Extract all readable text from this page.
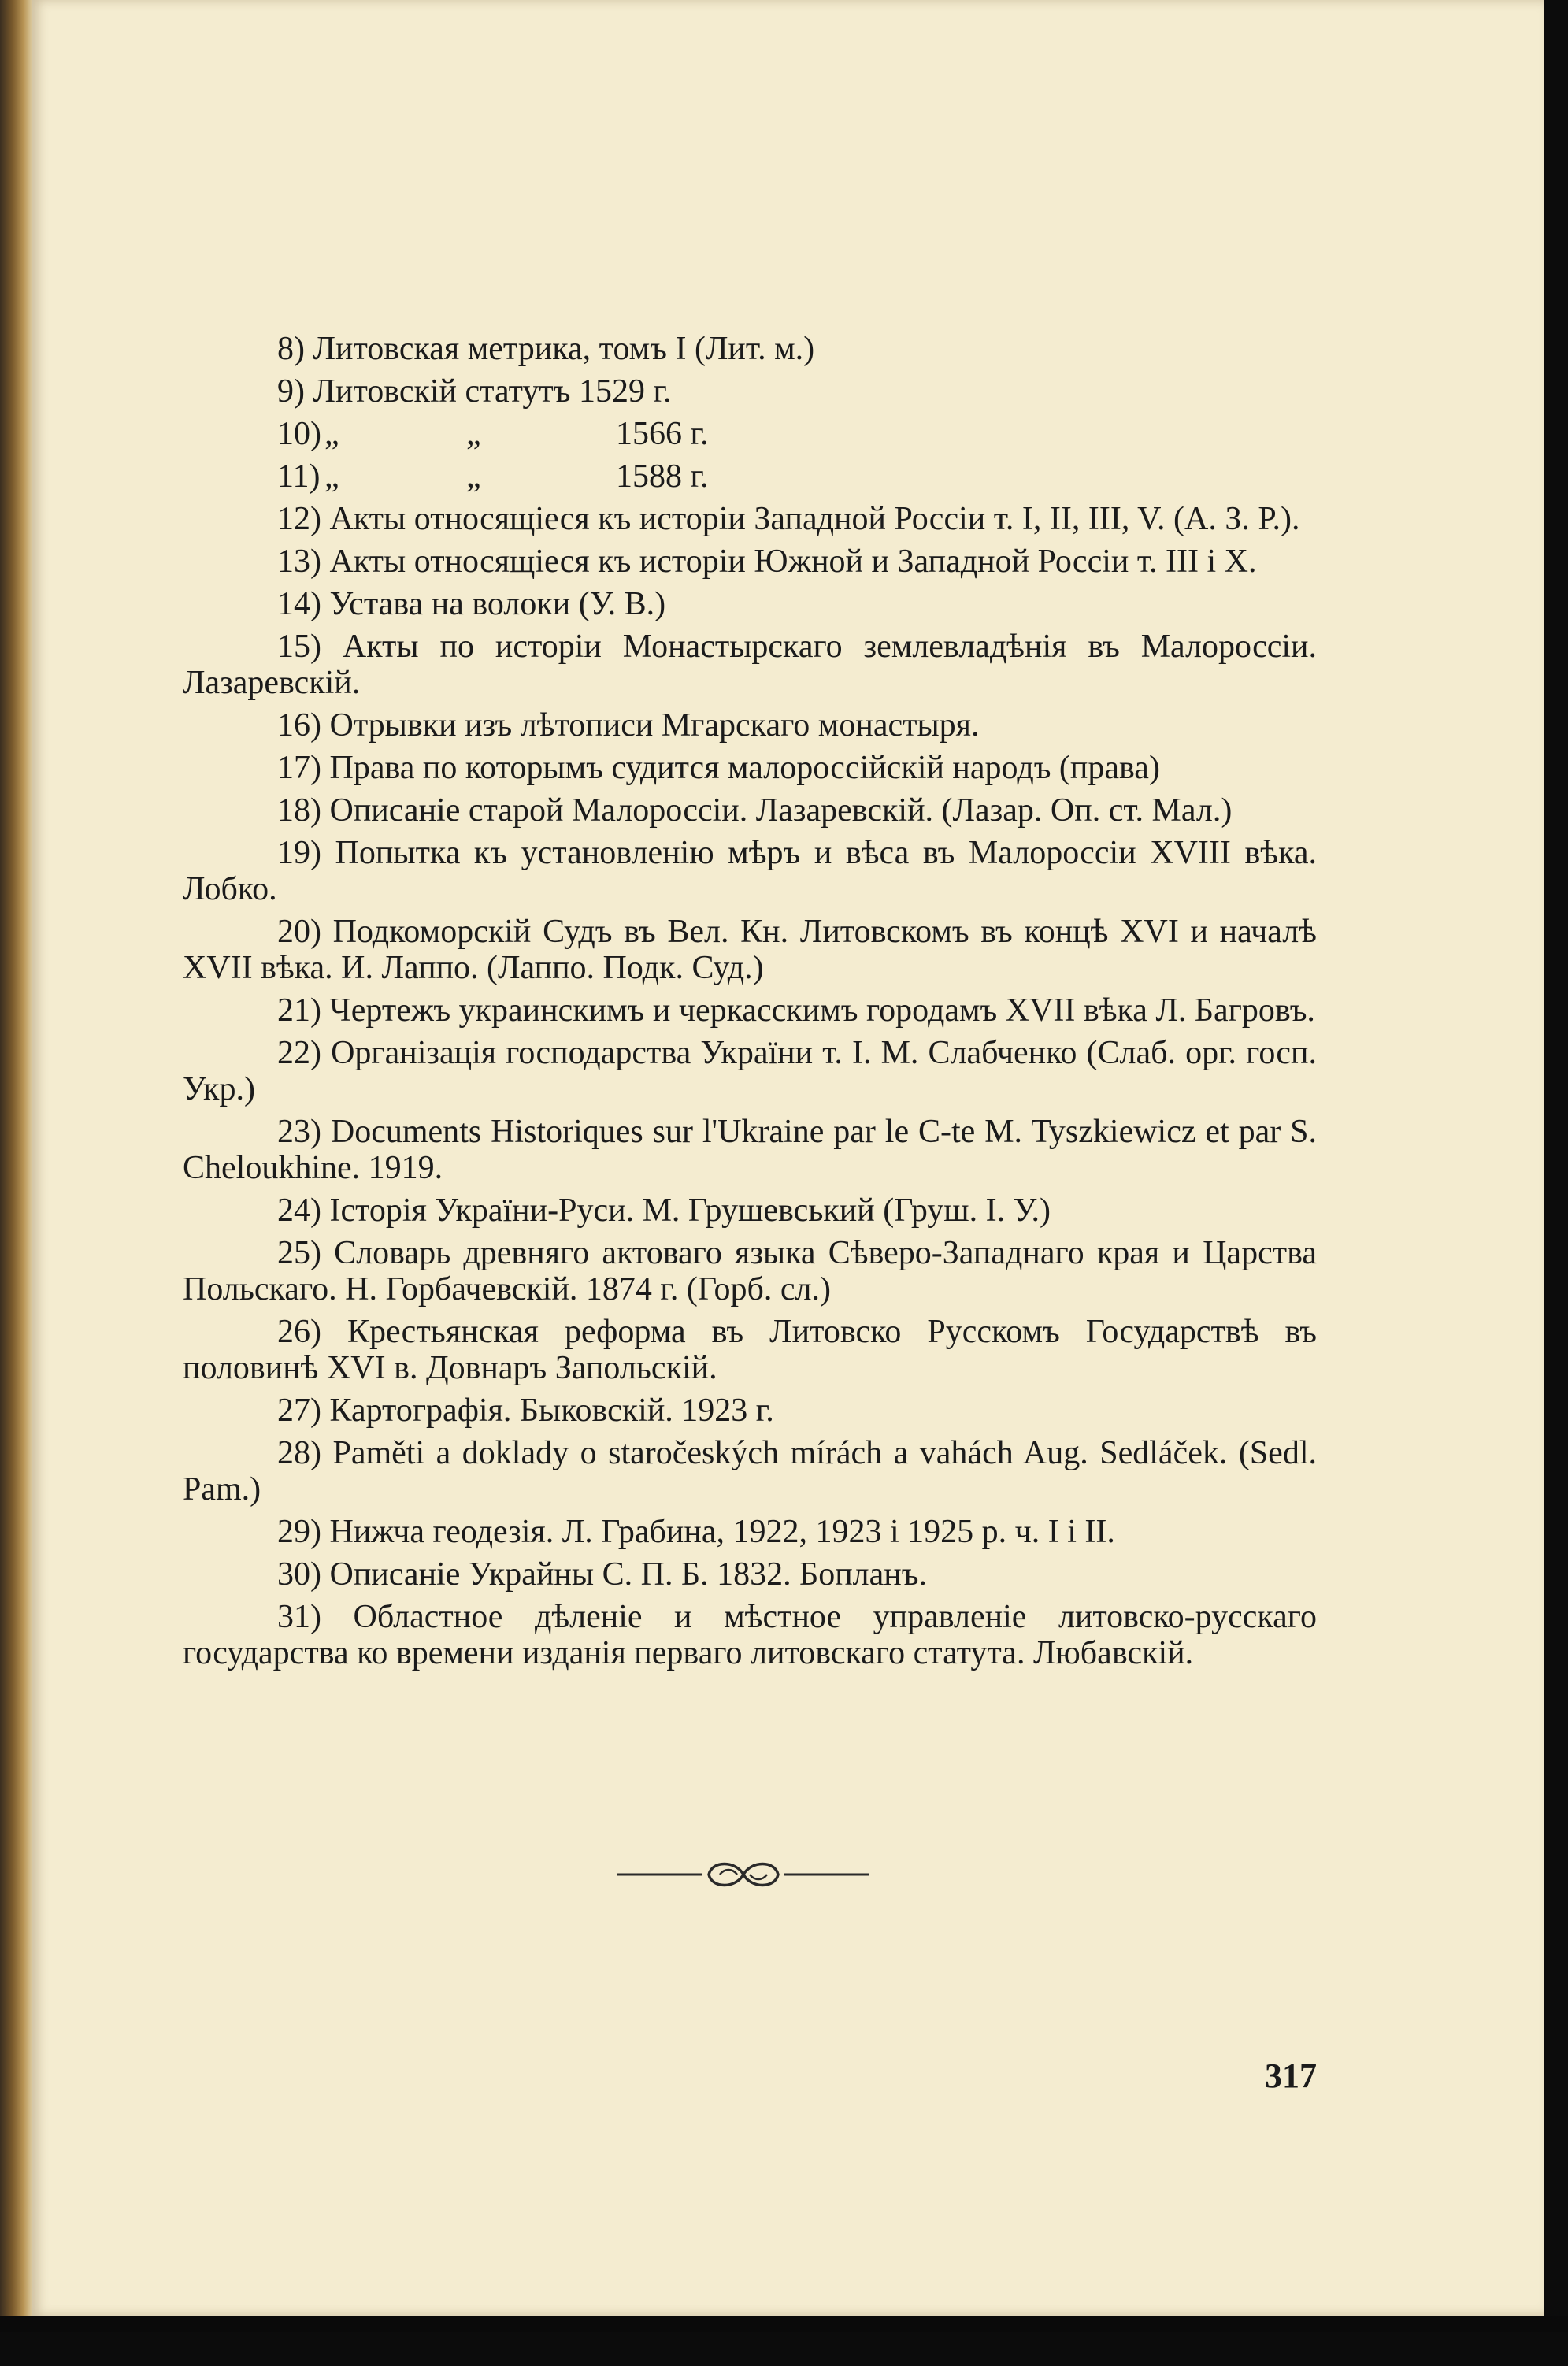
8) Литовская метрика, томъ I (Лит. м.)

9) Литовскій статутъ 1529 г.

10) „	„	1566 г.

11) „	„	1588 г.

12) Акты относящіеся къ исторіи Западной Россіи т. I, II, III, V. (А. З. Р.).

13) Акты относящіеся къ исторіи Южной и Западной Россіи т. III і X.

14) Устава на волоки (У. В.)

15) Акты по исторіи Монастырскаго землевладѣнія въ Малороссіи. Лазаревскій.

16) Отрывки изъ лѣтописи Мгарскаго монастыря.

17) Права по которымъ судится малороссійскій народъ (права)

18) Описаніе старой Малороссіи. Лазаревскій. (Лазар. Оп. ст. Мал.)

19) Попытка къ установленію мѣръ и вѣса въ Малороссіи XVIII вѣка. Лобко.

20) Подкоморскій Судъ въ Вел. Кн. Литовскомъ въ концѣ XVI и началѣ XVII вѣка. И. Лаппо. (Лаппо. Подк. Суд.)

21) Чертежъ украинскимъ и черкасскимъ городамъ XVII вѣка Л. Багровъ.

22) Організація господарства України т. I. М. Слабченко (Слаб. орг. госп. Укр.)

23) Documents Historiques sur l'Ukraine par le C-te M. Tyszkiewicz et par S. Cheloukhine. 1919.

24) Історія України-Руси. М. Грушевський (Груш. I. У.)

25) Словарь древняго актоваго языка Сѣверо-Западнаго края и Царства Польскаго. Н. Горбачевскій. 1874 г. (Горб. сл.)

26) Крестьянская реформа въ Литовско Русскомъ Государствѣ въ половинѣ XVI в. Довнаръ Запольскій.

27) Картографія. Быковскій. 1923 г.

28) Paměti a doklady o staročeských mírách a vahách Aug. Sedláček. (Sedl. Pam.)

29) Нижча геодезія. Л. Грабина, 1922, 1923 і 1925 р. ч. I і II.

30) Описаніе Украйны С. П. Б. 1832. Бопланъ.

31) Областное дѣленіе и мѣстное управленіе литовско-русскаго государства ко времени изданія перваго литовскаго статута. Любавскій.

317
